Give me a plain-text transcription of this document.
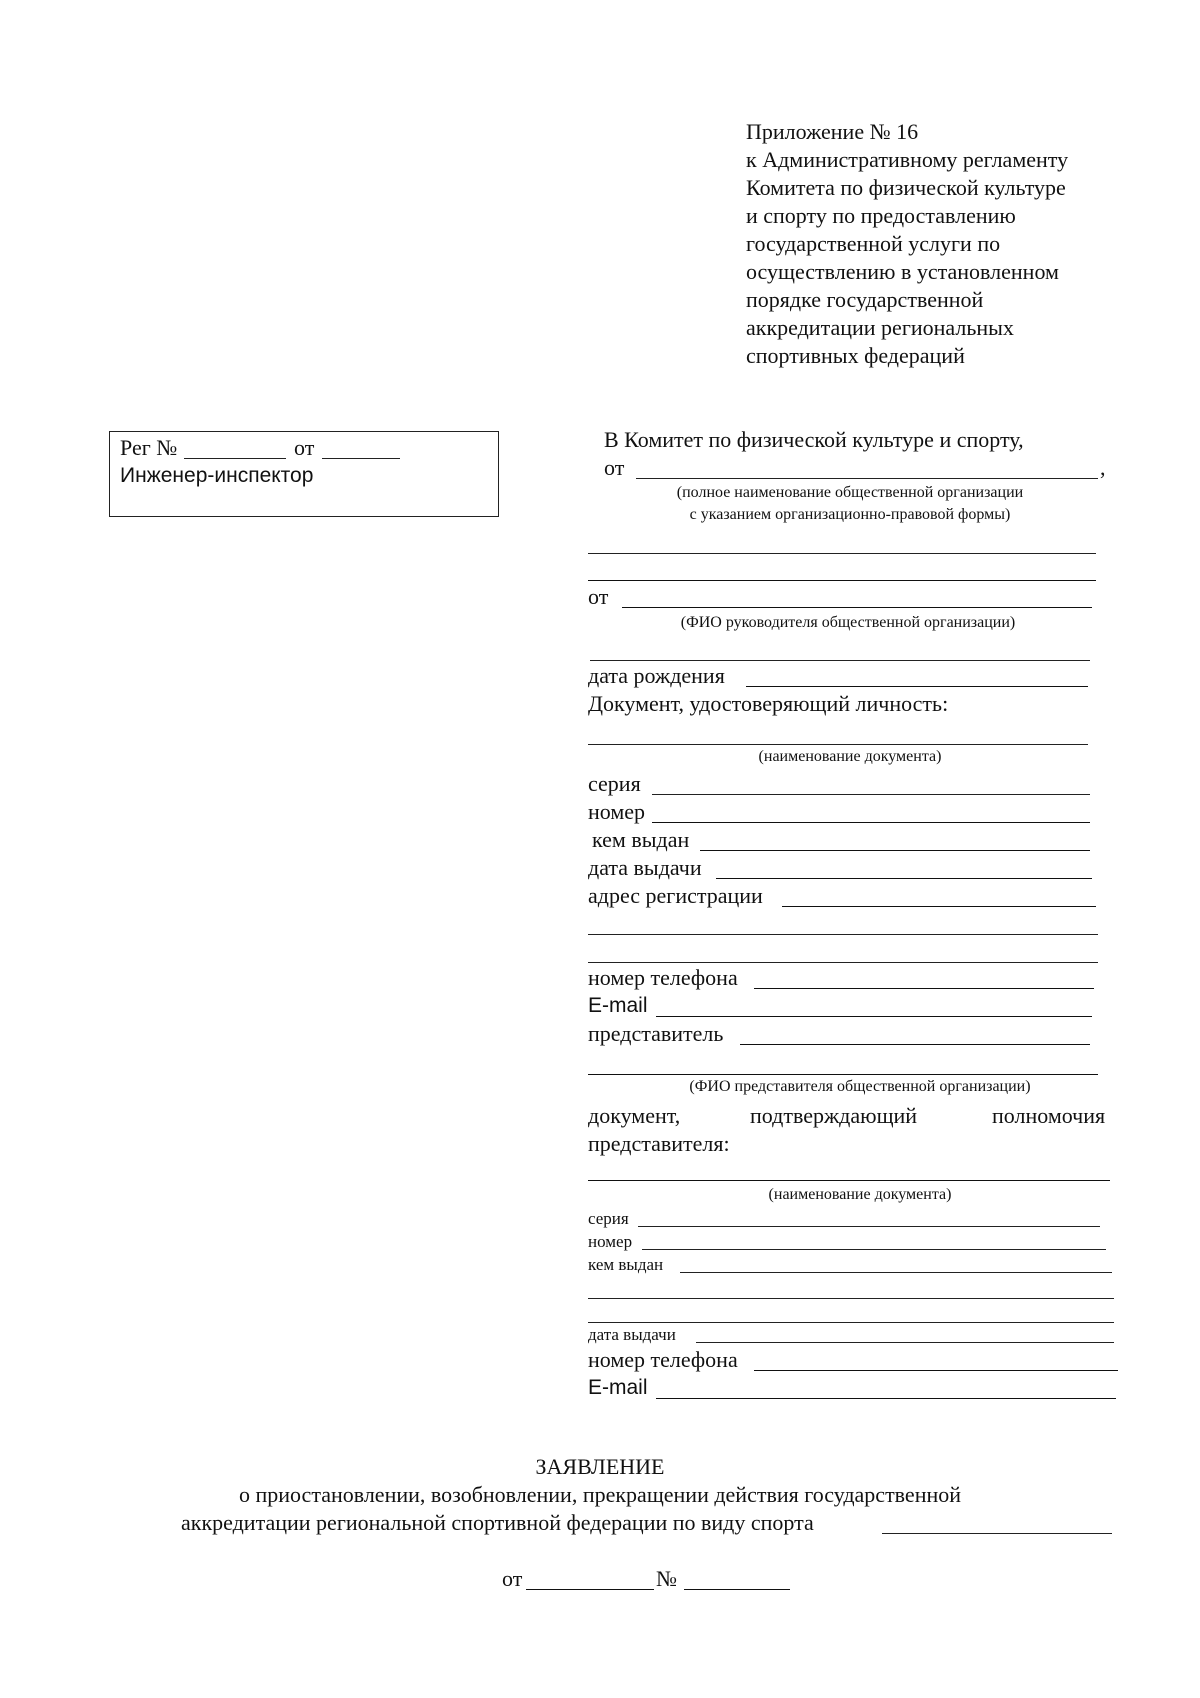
Приложение № 16
к Административному регламенту
Комитета по физической культуре
и спорту по предоставлению
государственной услуги по
осуществлению в установленном
порядке государственной
аккредитации региональных
спортивных федераций
Рег №	от
Инженер-инспектор
В Комитет по физической культуре и спорту,
от	,
(полное наименование общественной организации
с указанием организационно-правовой формы)
от
(ФИО руководителя общественной организации)
дата рождения
Документ, удостоверяющий личность:
(наименование документа)
серия
номер
кем выдан
дата выдачи
адрес регистрации
номер телефона
E-mail
представитель
(ФИО представителя общественной организации)
документ,	подтверждающий	полномочия
представителя:
(наименование документа)
серия
номер
кем выдан
дата выдачи
номер телефона
E-mail
ЗАЯВЛЕНИЕ
о приостановлении, возобновлении, прекращении действия государственной
аккредитации региональной спортивной федерации по виду спорта
от	№
